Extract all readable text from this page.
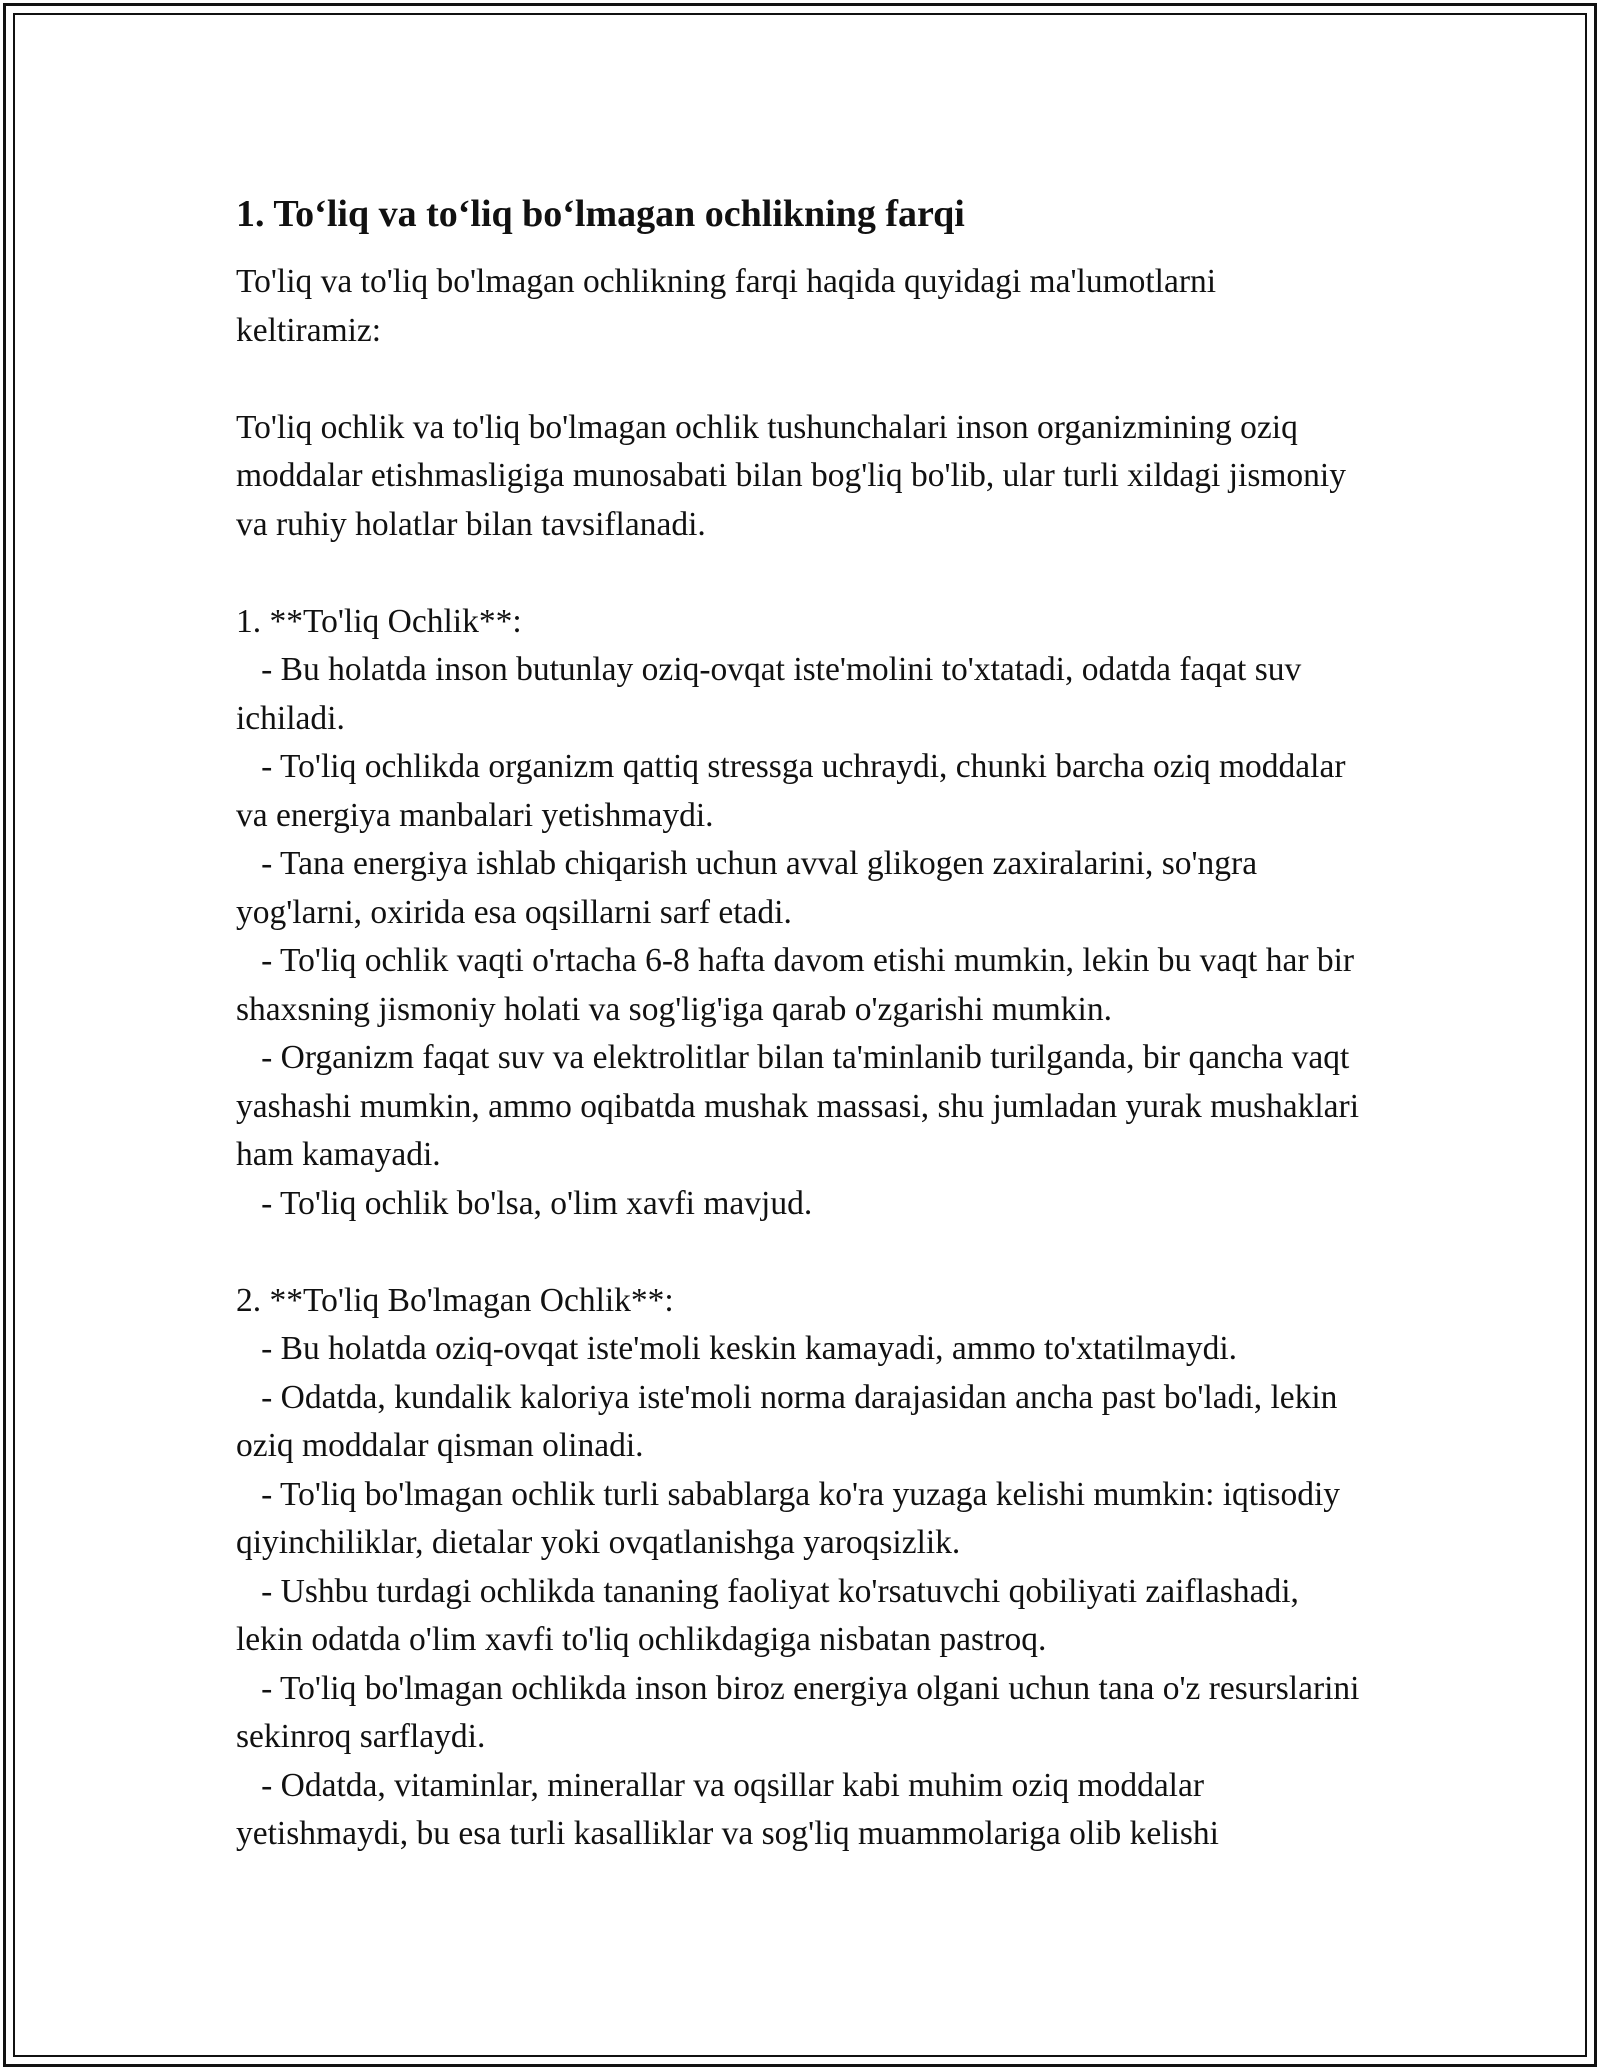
1. To‘liq va to‘liq bo‘lmagan ochlikning farqi

To'liq va to'liq bo'lmagan ochlikning farqi haqida quyidagi ma'lumotlarni keltiramiz:

To'liq ochlik va to'liq bo'lmagan ochlik tushunchalari inson organizmining oziq moddalar etishmasligiga munosabati bilan bog'liq bo'lib, ular turli xildagi jismoniy va ruhiy holatlar bilan tavsiflanadi.

1. **To'liq Ochlik**:

- Bu holatda inson butunlay oziq-ovqat iste'molini to'xtatadi, odatda faqat suv ichiladi.

- To'liq ochlikda organizm qattiq stressga uchraydi, chunki barcha oziq moddalar va energiya manbalari yetishmaydi.

- Tana energiya ishlab chiqarish uchun avval glikogen zaxiralarini, so'ngra yog'larni, oxirida esa oqsillarni sarf etadi.

- To'liq ochlik vaqti o'rtacha 6-8 hafta davom etishi mumkin, lekin bu vaqt har bir shaxsning jismoniy holati va sog'lig'iga qarab o'zgarishi mumkin.

- Organizm faqat suv va elektrolitlar bilan ta'minlanib turilganda, bir qancha vaqt yashashi mumkin, ammo oqibatda mushak massasi, shu jumladan yurak mushaklari ham kamayadi.

- To'liq ochlik bo'lsa, o'lim xavfi mavjud.

2. **To'liq Bo'lmagan Ochlik**:

- Bu holatda oziq-ovqat iste'moli keskin kamayadi, ammo to'xtatilmaydi.

- Odatda, kundalik kaloriya iste'moli norma darajasidan ancha past bo'ladi, lekin oziq moddalar qisman olinadi.

- To'liq bo'lmagan ochlik turli sabablarga ko'ra yuzaga kelishi mumkin: iqtisodiy qiyinchiliklar, dietalar yoki ovqatlanishga yaroqsizlik.

- Ushbu turdagi ochlikda tananing faoliyat ko'rsatuvchi qobiliyati zaiflashadi, lekin odatda o'lim xavfi to'liq ochlikdagiga nisbatan pastroq.

- To'liq bo'lmagan ochlikda inson biroz energiya olgani uchun tana o'z resurslarini sekinroq sarflaydi.

- Odatda, vitaminlar, minerallar va oqsillar kabi muhim oziq moddalar yetishmaydi, bu esa turli kasalliklar va sog'liq muammolariga olib kelishi
